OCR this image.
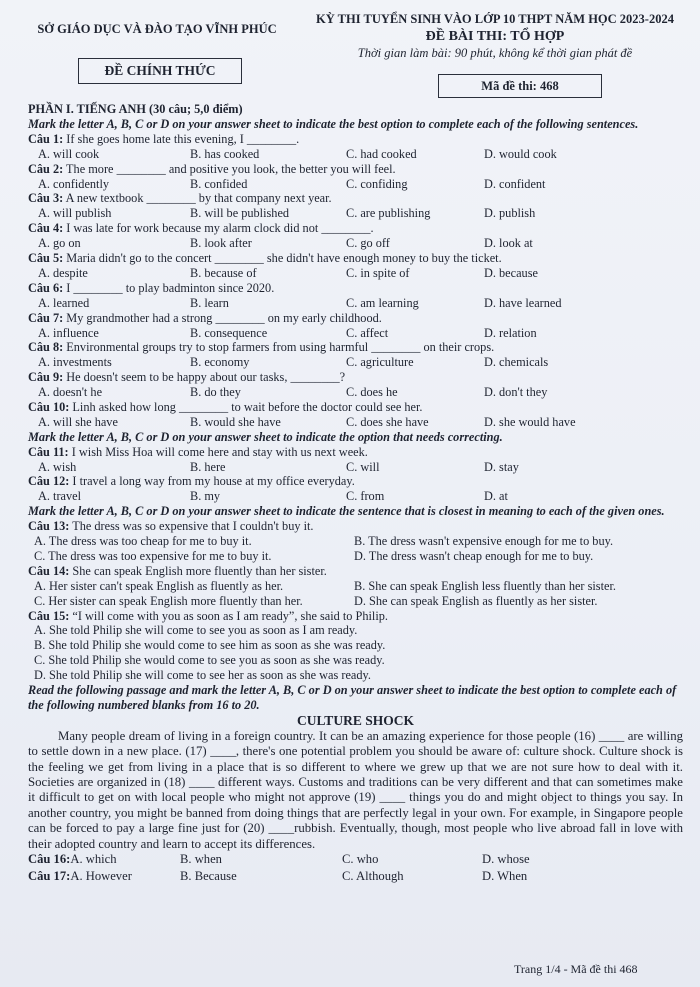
SỞ GIÁO DỤC VÀ ĐÀO TẠO VĨNH PHÚC
KỲ THI TUYỂN SINH VÀO LỚP 10 THPT NĂM HỌC 2023-2024
ĐỀ BÀI THI: TỔ HỢP
Thời gian làm bài: 90 phút, không kể thời gian phát đề
ĐỀ CHÍNH THỨC
Mã đề thi: 468
PHẦN I. TIẾNG ANH (30 câu; 5,0 điểm)
Mark the letter A, B, C or D on your answer sheet to indicate the best option to complete each of the following sentences.
Câu 1: If she goes home late this evening, I ________.
A. will cook	B. has cooked	C. had cooked	D. would cook
Câu 2: The more ________ and positive you look, the better you will feel.
A. confidently	B. confided	C. confiding	D. confident
Câu 3: A new textbook ________ by that company next year.
A. will publish	B. will be published	C. are publishing	D. publish
Câu 4: I was late for work because my alarm clock did not ________.
A. go on	B. look after	C. go off	D. look at
Câu 5: Maria didn't go to the concert ________ she didn't have enough money to buy the ticket.
A. despite	B. because of	C. in spite of	D. because
Câu 6: I ________ to play badminton since 2020.
A. learned	B. learn	C. am learning	D. have learned
Câu 7: My grandmother had a strong ________ on my early childhood.
A. influence	B. consequence	C. affect	D. relation
Câu 8: Environmental groups try to stop farmers from using harmful ________ on their crops.
A. investments	B. economy	C. agriculture	D. chemicals
Câu 9: He doesn't seem to be happy about our tasks, ________?
A. doesn't he	B. do they	C. does he	D. don't they
Câu 10: Linh asked how long ________ to wait before the doctor could see her.
A. will she have	B. would she have	C. does she have	D. she would have
Mark the letter A, B, C or D on your answer sheet to indicate the option that needs correcting.
Câu 11: I wish Miss Hoa will come here and stay with us next week.
A. wish	B. here	C. will	D. stay
Câu 12: I travel a long way from my house at my office everyday.
A. travel	B. my	C. from	D. at
Mark the letter A, B, C or D on your answer sheet to indicate the sentence that is closest in meaning to each of the given ones.
Câu 13: The dress was so expensive that I couldn't buy it.
A. The dress was too cheap for me to buy it.	B. The dress wasn't expensive enough for me to buy.
C. The dress was too expensive for me to buy it.	D. The dress wasn't cheap enough for me to buy.
Câu 14: She can speak English more fluently than her sister.
A. Her sister can't speak English as fluently as her.	B. She can speak English less fluently than her sister.
C. Her sister can speak English more fluently than her.	D. She can speak English as fluently as her sister.
Câu 15: “I will come with you as soon as I am ready”, she said to Philip.
A. She told Philip she will come to see you as soon as I am ready.
B. She told Philip she would come to see him as soon as she was ready.
C. She told Philip she would come to see you as soon as she was ready.
D. She told Philip she will come to see her as soon as she was ready.
Read the following passage and mark the letter A, B, C or D on your answer sheet to indicate the best option to complete each of the following numbered blanks from 16 to 20.
CULTURE SHOCK
Many people dream of living in a foreign country. It can be an amazing experience for those people (16) ____ are willing to settle down in a new place. (17) ____, there's one potential problem you should be aware of: culture shock. Culture shock is the feeling we get from living in a place that is so different to where we grew up that we are not sure how to deal with it. Societies are organized in (18) ____ different ways. Customs and traditions can be very different and that can sometimes make it difficult to get on with local people who might not approve (19) ____ things you do and might object to things you say. In another country, you might be banned from doing things that are perfectly legal in your own. For example, in Singapore people can be forced to pay a large fine just for (20) ____rubbish. Eventually, though, most people who live abroad fall in love with their adopted country and learn to accept its differences.
Câu 16: A. which	B. when	C. who	D. whose
Câu 17: A. However	B. Because	C. Although	D. When
Trang 1/4 - Mã đề thi 468
